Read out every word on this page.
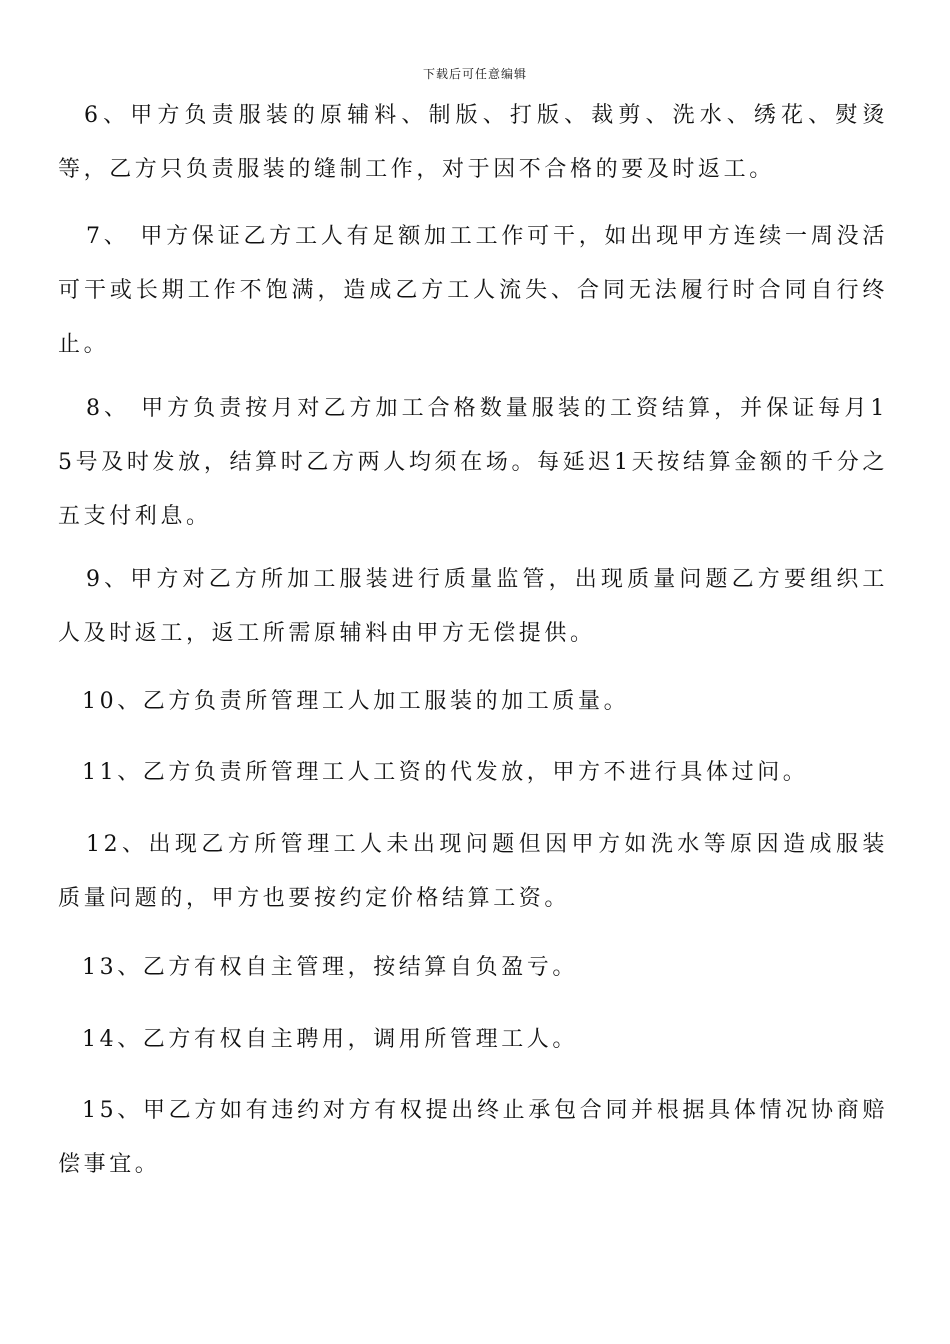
下载后可任意编辑

6、甲方负责服装的原辅料、制版、打版、裁剪、洗水、绣花、熨烫等，乙方只负责服装的缝制工作，对于因不合格的要及时返工。

7、 甲方保证乙方工人有足额加工工作可干，如出现甲方连续一周没活可干或长期工作不饱满，造成乙方工人流失、合同无法履行时合同自行终止。

8、 甲方负责按月对乙方加工合格数量服装的工资结算，并保证每月15号及时发放，结算时乙方两人均须在场。每延迟1天按结算金额的千分之五支付利息。

9、甲方对乙方所加工服装进行质量监管，出现质量问题乙方要组织工人及时返工，返工所需原辅料由甲方无偿提供。

10、乙方负责所管理工人加工服装的加工质量。

11、乙方负责所管理工人工资的代发放，甲方不进行具体过问。

12、出现乙方所管理工人未出现问题但因甲方如洗水等原因造成服装质量问题的，甲方也要按约定价格结算工资。

13、乙方有权自主管理，按结算自负盈亏。

14、乙方有权自主聘用，调用所管理工人。

15、甲乙方如有违约对方有权提出终止承包合同并根据具体情况协商赔偿事宜。
